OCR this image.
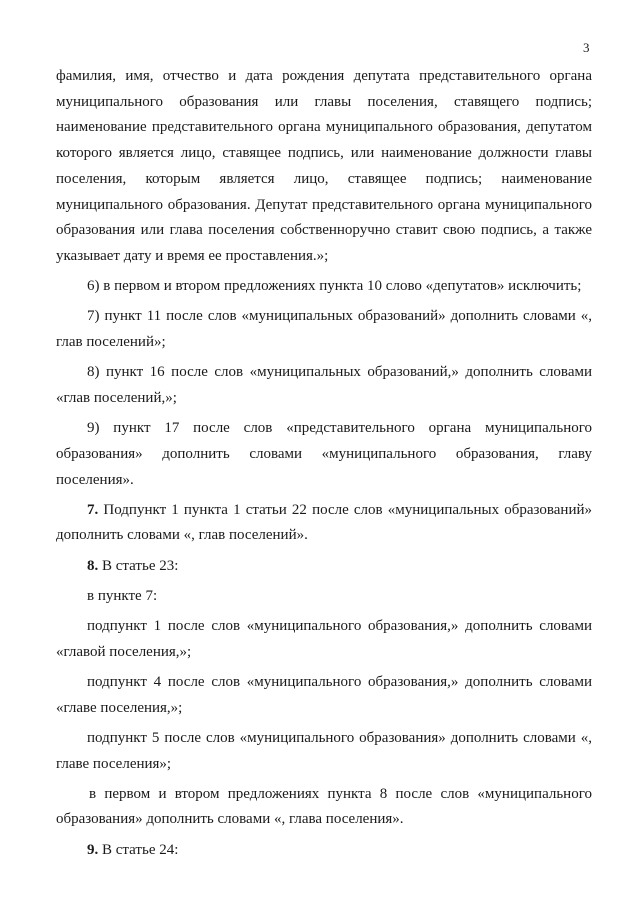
3

фамилия, имя, отчество и дата рождения депутата представительного органа муниципального образования или главы поселения, ставящего подпись; наименование представительного органа муниципального образования, депутатом которого является лицо, ставящее подпись, или наименование должности главы поселения, которым является лицо, ставящее подпись; наименование муниципального образования. Депутат представительного органа муниципального образования или глава поселения собственноручно ставит свою подпись, а также указывает дату и время ее проставления.»;

6) в первом и втором предложениях пункта 10 слово «депутатов» исключить;

7) пункт 11 после слов «муниципальных образований» дополнить словами «, глав поселений»;

8) пункт 16 после слов «муниципальных образований,» дополнить словами «глав поселений,»;

9) пункт 17 после слов «представительного органа муниципального образования» дополнить словами «муниципального образования, главу поселения».

7. Подпункт 1 пункта 1 статьи 22 после слов «муниципальных образований» дополнить словами «, глав поселений».

8. В статье 23:

в пункте 7:

подпункт 1 после слов «муниципального образования,» дополнить словами «главой поселения,»;

подпункт 4 после слов «муниципального образования,» дополнить словами «главе поселения,»;

подпункт 5 после слов «муниципального образования» дополнить словами «, главе поселения»;

в первом и втором предложениях пункта 8 после слов «муниципального образования» дополнить словами «, глава поселения».

9. В статье 24:
